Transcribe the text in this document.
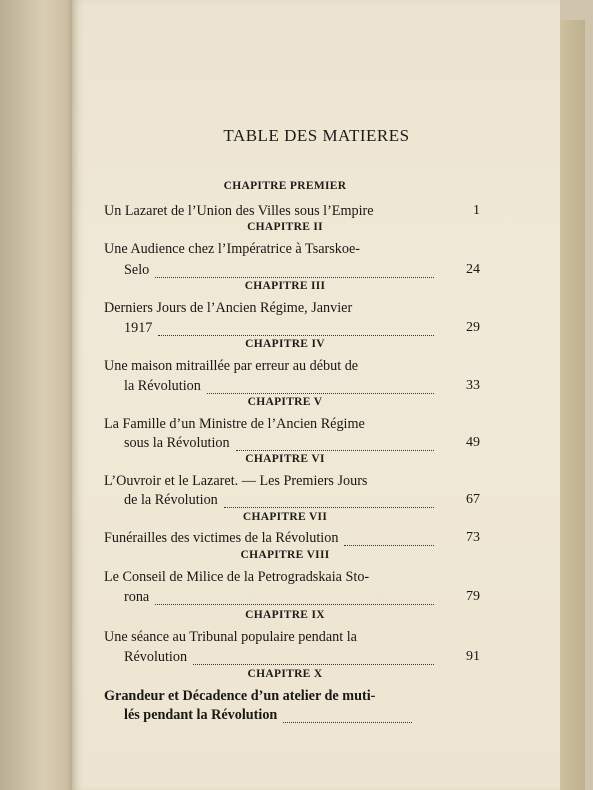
TABLE DES MATIERES
CHAPITRE PREMIER
Un Lazaret de l’Union des Villes sous l’Empire	1
CHAPITRE II
Une Audience chez l’Impératrice à Tsarskoe-
Selo	24
CHAPITRE III
Derniers Jours de l’Ancien Régime, Janvier
1917	29
CHAPITRE IV
Une maison mitraillée par erreur au début de
la Révolution	33
CHAPITRE V
La Famille d’un Ministre de l’Ancien Régime
sous la Révolution	49
CHAPITRE VI
L’Ouvroir et le Lazaret. — Les Premiers Jours
de la Révolution	67
CHAPITRE VII
Funérailles des victimes de la Révolution	73
CHAPITRE VIII
Le Conseil de Milice de la Petrogradskaia Sto-
rona	79
CHAPITRE IX
Une séance au Tribunal populaire pendant la
Révolution	91
CHAPITRE X
Grandeur et Décadence d’un atelier de muti-
lés pendant la Révolution
